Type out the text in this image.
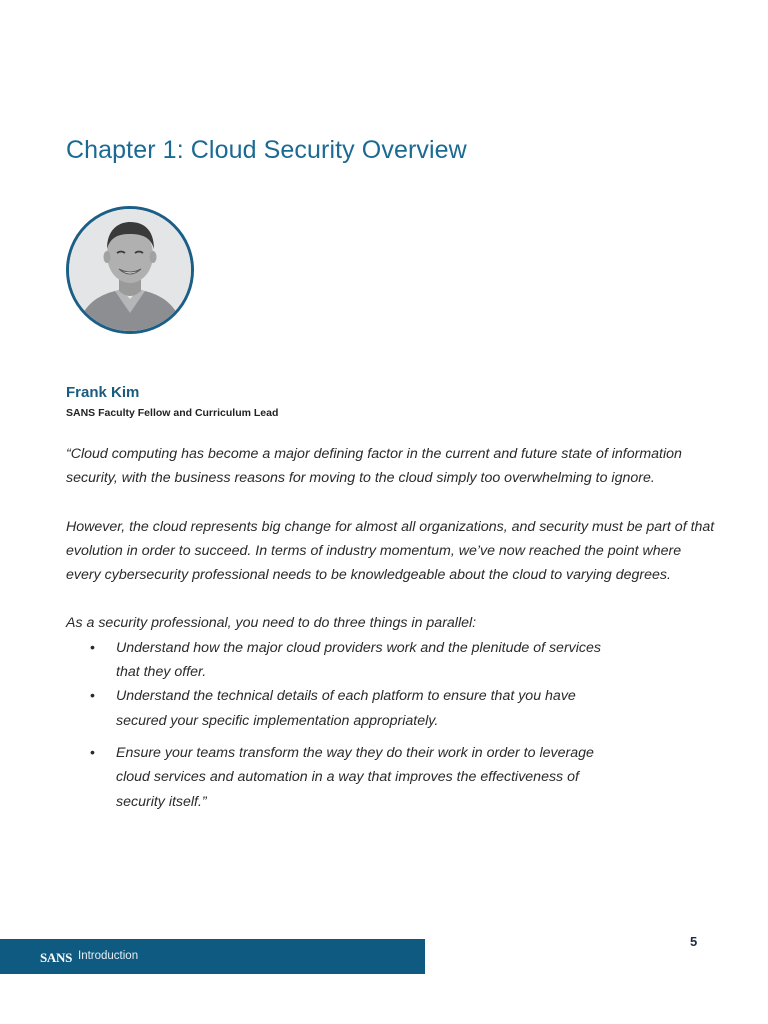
Chapter 1: Cloud Security Overview
Frank Kim
SANS Faculty Fellow and Curriculum Lead

“Cloud computing has become a major defining factor in the current and future state of information security, with the business reasons for moving to the cloud simply too overwhelming to ignore.

However, the cloud represents big change for almost all organizations, and security must be part of that evolution in order to succeed. In terms of industry momentum, we’ve now reached the point where every cybersecurity professional needs to be knowledgeable about the cloud to varying degrees.

As a security professional, you need to do three things in parallel:

• Understand how the major cloud providers work and the plenitude of services that they offer.
• Understand the technical details of each platform to ensure that you have secured your specific implementation appropriately.
• Ensure your teams transform the way they do their work in order to leverage cloud services and automation in a way that improves the effectiveness of security itself.”
5
SANS Introduction
